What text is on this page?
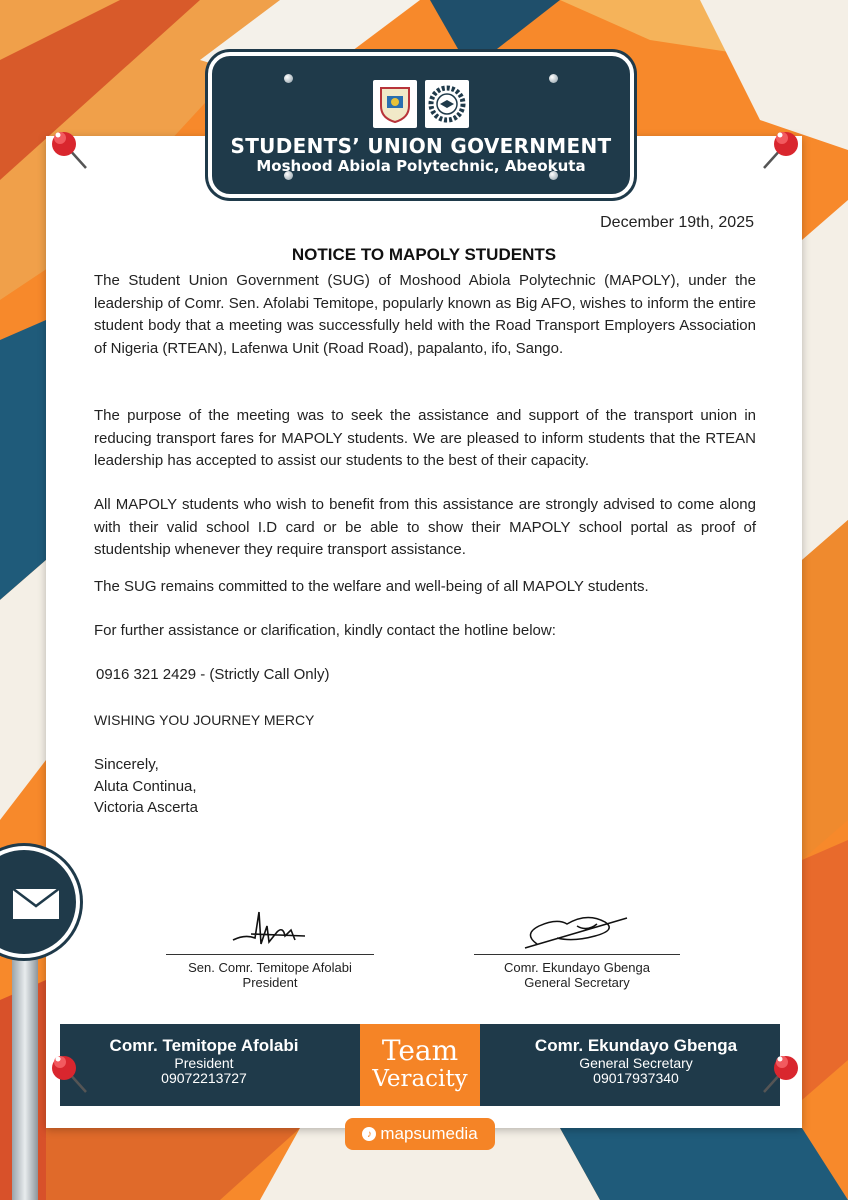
STUDENTS’ UNION GOVERNMENT
Moshood Abiola Polytechnic, Abeokuta
December 19th, 2025
NOTICE TO MAPOLY STUDENTS

The Student Union Government (SUG) of Moshood Abiola Polytechnic (MAPOLY), under the leadership of Comr. Sen. Afolabi Temitope, popularly known as Big AFO, wishes to inform the entire student body that a meeting was successfully held with the Road Transport Employers Association of Nigeria (RTEAN), Lafenwa Unit (Road Road), papalanto, ifo, Sango.

The purpose of the meeting was to seek the assistance and support of the transport union in reducing transport fares for MAPOLY students. We are pleased to inform students that the RTEAN leadership has accepted to assist our students to the best of their capacity.

All MAPOLY students who wish to benefit from this assistance are strongly advised to come along with their valid school I.D card or be able to show their MAPOLY school portal as proof of studentship whenever they require transport assistance.

The SUG remains committed to the welfare and well-being of all MAPOLY students.

For further assistance or clarification, kindly contact the hotline below:

0916 321 2429 - (Strictly Call Only)

WISHING YOU JOURNEY MERCY

Sincerely,
Aluta Continua,
Victoria Ascerta
Sen. Comr. Temitope Afolabi
President
Comr. Ekundayo Gbenga
General Secretary
Comr. Temitope Afolabi
President
09072213727
Team
Veracity
Comr. Ekundayo Gbenga
General Secretary
09017937340
♪ mapsumedia
